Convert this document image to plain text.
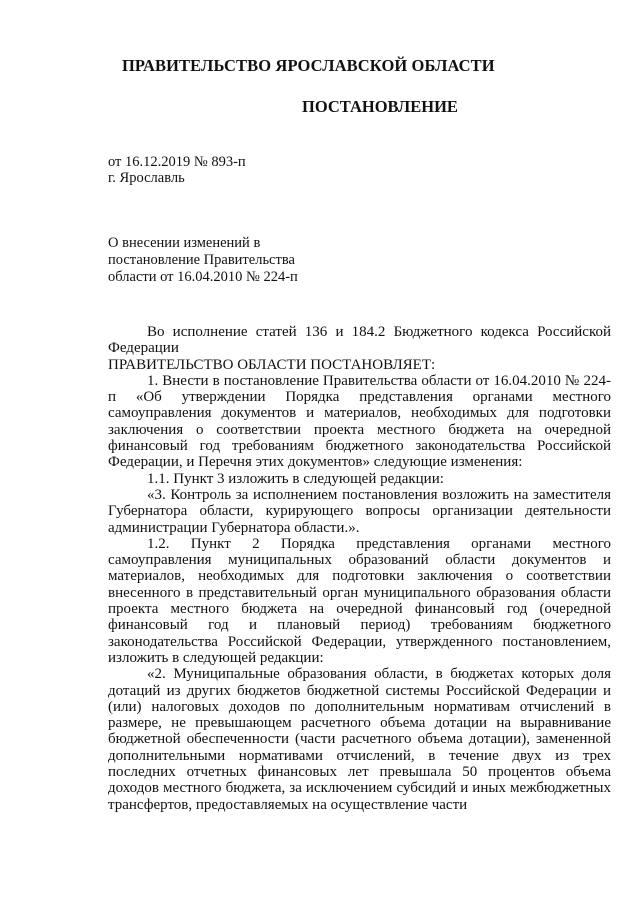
ПРАВИТЕЛЬСТВО ЯРОСЛАВСКОЙ ОБЛАСТИ
ПОСТАНОВЛЕНИЕ
от 16.12.2019 № 893-п
г. Ярославль
О внесении изменений в
постановление Правительства
области от 16.04.2010 № 224-п

Во исполнение статей 136 и 184.2 Бюджетного кодекса Российской Федерации

ПРАВИТЕЛЬСТВО ОБЛАСТИ ПОСТАНОВЛЯЕТ:

1. Внести в постановление Правительства области от 16.04.2010 № 224-п «Об утверждении Порядка представления органами местного самоуправления документов и материалов, необходимых для подготовки заключения о соответствии проекта местного бюджета на очередной финансовый год требованиям бюджетного законодательства Российской Федерации, и Перечня этих документов» следующие изменения:

1.1. Пункт 3 изложить в следующей редакции:

«3. Контроль за исполнением постановления возложить на заместителя Губернатора области, курирующего вопросы организации деятельности администрации Губернатора области.».

1.2. Пункт 2 Порядка представления органами местного самоуправления муниципальных образований области документов и материалов, необходимых для подготовки заключения о соответствии внесенного в представительный орган муниципального образования области проекта местного бюджета на очередной финансовый год (очередной финансовый год и плановый период) требованиям бюджетного законодательства Российской Федерации, утвержденного постановлением, изложить в следующей редакции:

«2. Муниципальные образования области, в бюджетах которых доля дотаций из других бюджетов бюджетной системы Российской Федерации и (или) налоговых доходов по дополнительным нормативам отчислений в размере, не превышающем расчетного объема дотации на выравнивание бюджетной обеспеченности (части расчетного объема дотации), замененной дополнительными нормативами отчислений, в течение двух из трех последних отчетных финансовых лет превышала 50 процентов объема доходов местного бюджета, за исключением субсидий и иных межбюджетных трансфертов, предоставляемых на осуществление части
